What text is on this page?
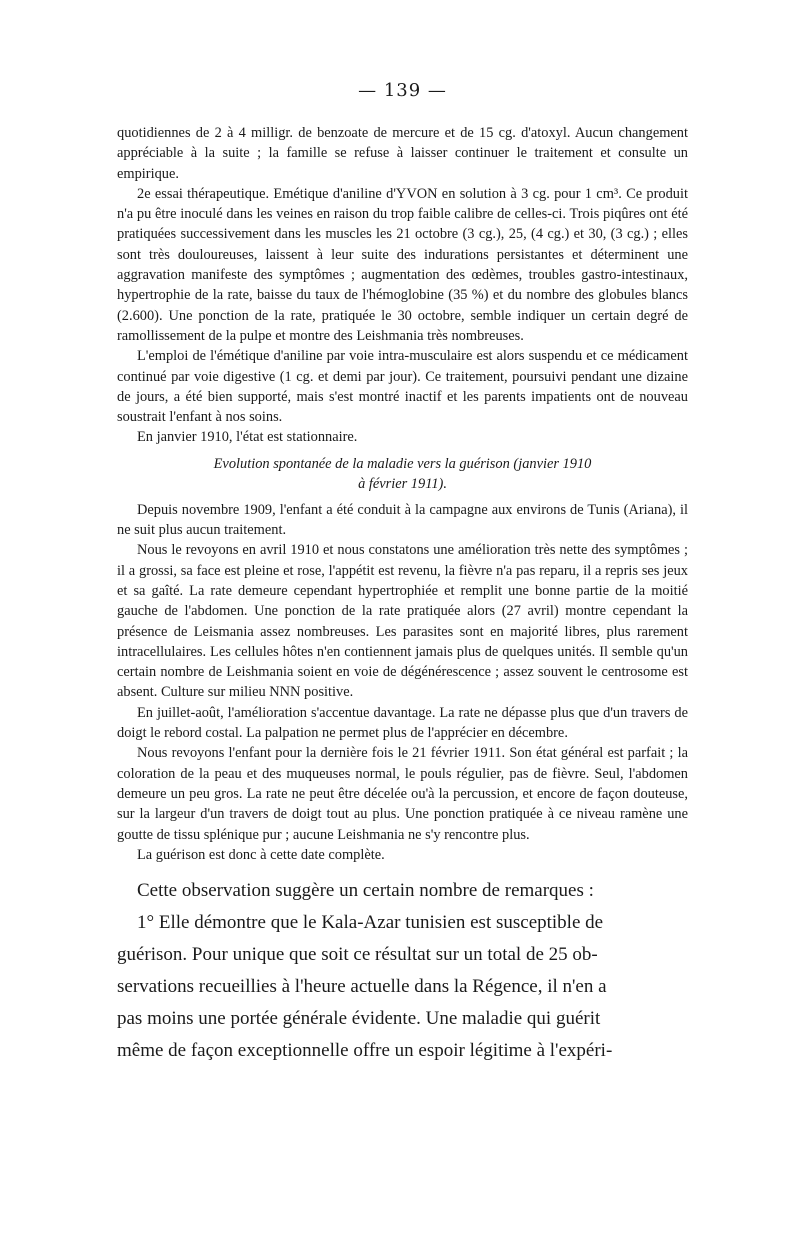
— 139 —

quotidiennes de 2 à 4 milligr. de benzoate de mercure et de 15 cg. d'atoxyl. Aucun changement appréciable à la suite ; la famille se refuse à laisser continuer le traitement et consulte un empirique.

2e essai thérapeutique. Emétique d'aniline d'YVON en solution à 3 cg. pour 1 cm³. Ce produit n'a pu être inoculé dans les veines en raison du trop faible calibre de celles-ci. Trois piqûres ont été pratiquées successivement dans les muscles les 21 octobre (3 cg.), 25, (4 cg.) et 30, (3 cg.) ; elles sont très douloureuses, laissent à leur suite des indurations persistantes et déterminent une aggravation manifeste des symptômes ; augmentation des œdèmes, troubles gastro-intestinaux, hypertrophie de la rate, baisse du taux de l'hémoglobine (35 %) et du nombre des globules blancs (2.600). Une ponction de la rate, pratiquée le 30 octobre, semble indiquer un certain degré de ramollissement de la pulpe et montre des Leishmania très nombreuses.

L'emploi de l'émétique d'aniline par voie intra-musculaire est alors suspendu et ce médicament continué par voie digestive (1 cg. et demi par jour). Ce traitement, poursuivi pendant une dizaine de jours, a été bien supporté, mais s'est montré inactif et les parents impatients ont de nouveau soustrait l'enfant à nos soins.

En janvier 1910, l'état est stationnaire.

Evolution spontanée de la maladie vers la guérison (janvier 1910
à février 1911).

Depuis novembre 1909, l'enfant a été conduit à la campagne aux environs de Tunis (Ariana), il ne suit plus aucun traitement.

Nous le revoyons en avril 1910 et nous constatons une amélioration très nette des symptômes ; il a grossi, sa face est pleine et rose, l'appétit est revenu, la fièvre n'a pas reparu, il a repris ses jeux et sa gaîté. La rate demeure cependant hypertrophiée et remplit une bonne partie de la moitié gauche de l'abdomen. Une ponction de la rate pratiquée alors (27 avril) montre cependant la présence de Leismania assez nombreuses. Les parasites sont en majorité libres, plus rarement intracellulaires. Les cellules hôtes n'en contiennent jamais plus de quelques unités. Il semble qu'un certain nombre de Leishmania soient en voie de dégénérescence ; assez souvent le centrosome est absent. Culture sur milieu NNN positive.

En juillet-août, l'amélioration s'accentue davantage. La rate ne dépasse plus que d'un travers de doigt le rebord costal. La palpation ne permet plus de l'apprécier en décembre.

Nous revoyons l'enfant pour la dernière fois le 21 février 1911. Son état général est parfait ; la coloration de la peau et des muqueuses normal, le pouls régulier, pas de fièvre. Seul, l'abdomen demeure un peu gros. La rate ne peut être décelée ou'à la percussion, et encore de façon douteuse, sur la largeur d'un travers de doigt tout au plus. Une ponction pratiquée à ce niveau ramène une goutte de tissu splénique pur ; aucune Leishmania ne s'y rencontre plus.

La guérison est donc à cette date complète.

Cette observation suggère un certain nombre de remarques :
1° Elle démontre que le Kala-Azar tunisien est susceptible de
guérison. Pour unique que soit ce résultat sur un total de 25 ob-
servations recueillies à l'heure actuelle dans la Régence, il n'en a
pas moins une portée générale évidente. Une maladie qui guérit
même de façon exceptionnelle offre un espoir légitime à l'expéri-
